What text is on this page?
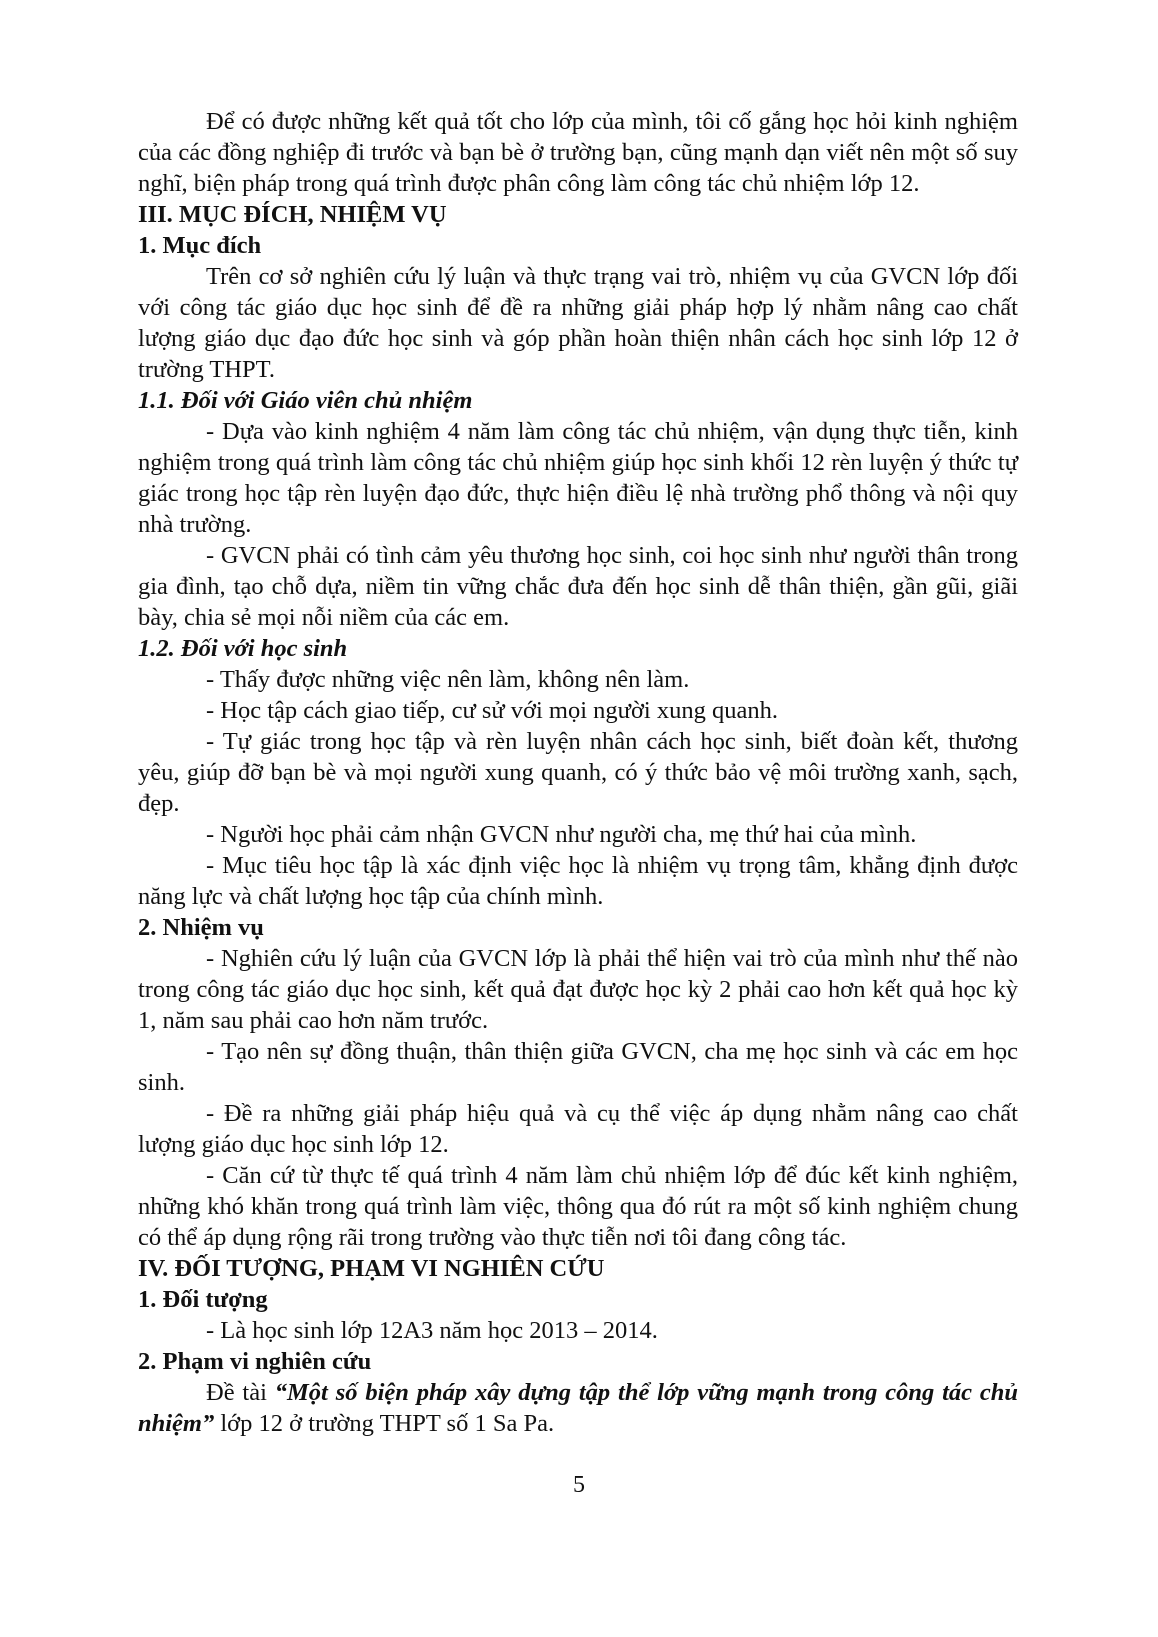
Để có được những kết quả tốt cho lớp của mình, tôi cố gắng học hỏi kinh nghiệm của các đồng nghiệp đi trước và bạn bè ở trường bạn, cũng mạnh dạn viết nên một số suy nghĩ, biện pháp trong quá trình được phân công làm công tác chủ nhiệm lớp 12.

III. MỤC ĐÍCH, NHIỆM VỤ

1. Mục đích

Trên cơ sở nghiên cứu lý luận và thực trạng vai trò, nhiệm vụ của GVCN lớp đối với công tác giáo dục học sinh để đề ra những giải pháp hợp lý nhằm nâng cao chất lượng giáo dục đạo đức học sinh và góp phần hoàn thiện nhân cách học sinh lớp 12 ở trường THPT.

1.1. Đối với Giáo viên chủ nhiệm

- Dựa vào kinh nghiệm 4 năm làm công tác chủ nhiệm, vận dụng thực tiễn, kinh nghiệm trong quá trình làm công tác chủ nhiệm giúp học sinh khối 12 rèn luyện ý thức tự giác trong học tập rèn luyện đạo đức, thực hiện điều lệ nhà trường phổ thông và nội quy nhà trường.

- GVCN phải có tình cảm yêu thương học sinh, coi học sinh như người thân trong gia đình, tạo chỗ dựa, niềm tin vững chắc đưa đến học sinh dễ thân thiện, gần gũi, giãi bày, chia sẻ mọi nỗi niềm của các em.

1.2. Đối với học sinh

- Thấy được những việc nên làm, không nên làm.

- Học tập cách giao tiếp, cư sử với mọi người xung quanh.

- Tự giác trong học tập và rèn luyện nhân cách học sinh, biết đoàn kết, thương yêu, giúp đỡ bạn bè và mọi người xung quanh, có ý thức bảo vệ môi trường xanh, sạch, đẹp.

- Người học phải cảm nhận GVCN như người cha, mẹ thứ hai của mình.

- Mục tiêu học tập là xác định việc học là nhiệm vụ trọng tâm, khẳng định được năng lực và chất lượng học tập của chính mình.

2. Nhiệm vụ

- Nghiên cứu lý luận của GVCN lớp là phải thể hiện vai trò của mình như thế nào trong công tác giáo dục học sinh, kết quả đạt được học kỳ 2 phải cao hơn kết quả học kỳ 1, năm sau phải cao hơn năm trước.

- Tạo nên sự đồng thuận, thân thiện giữa GVCN, cha mẹ học sinh và các em học sinh.

- Đề ra những giải pháp hiệu quả và cụ thể việc áp dụng nhằm nâng cao chất lượng giáo dục học sinh lớp 12.

- Căn cứ từ thực tế quá trình 4 năm làm chủ nhiệm lớp để đúc kết kinh nghiệm, những khó khăn trong quá trình làm việc, thông qua đó rút ra một số kinh nghiệm chung có thể áp dụng rộng rãi trong trường vào thực tiễn nơi tôi đang công tác.

IV. ĐỐI TƯỢNG, PHẠM VI NGHIÊN CỨU

1. Đối tượng

- Là học sinh lớp 12A3 năm học 2013 – 2014.

2. Phạm vi nghiên cứu

Đề tài “Một số biện pháp xây dựng tập thể lớp vững mạnh trong công tác chủ nhiệm” lớp 12 ở trường THPT số 1 Sa Pa.

5
